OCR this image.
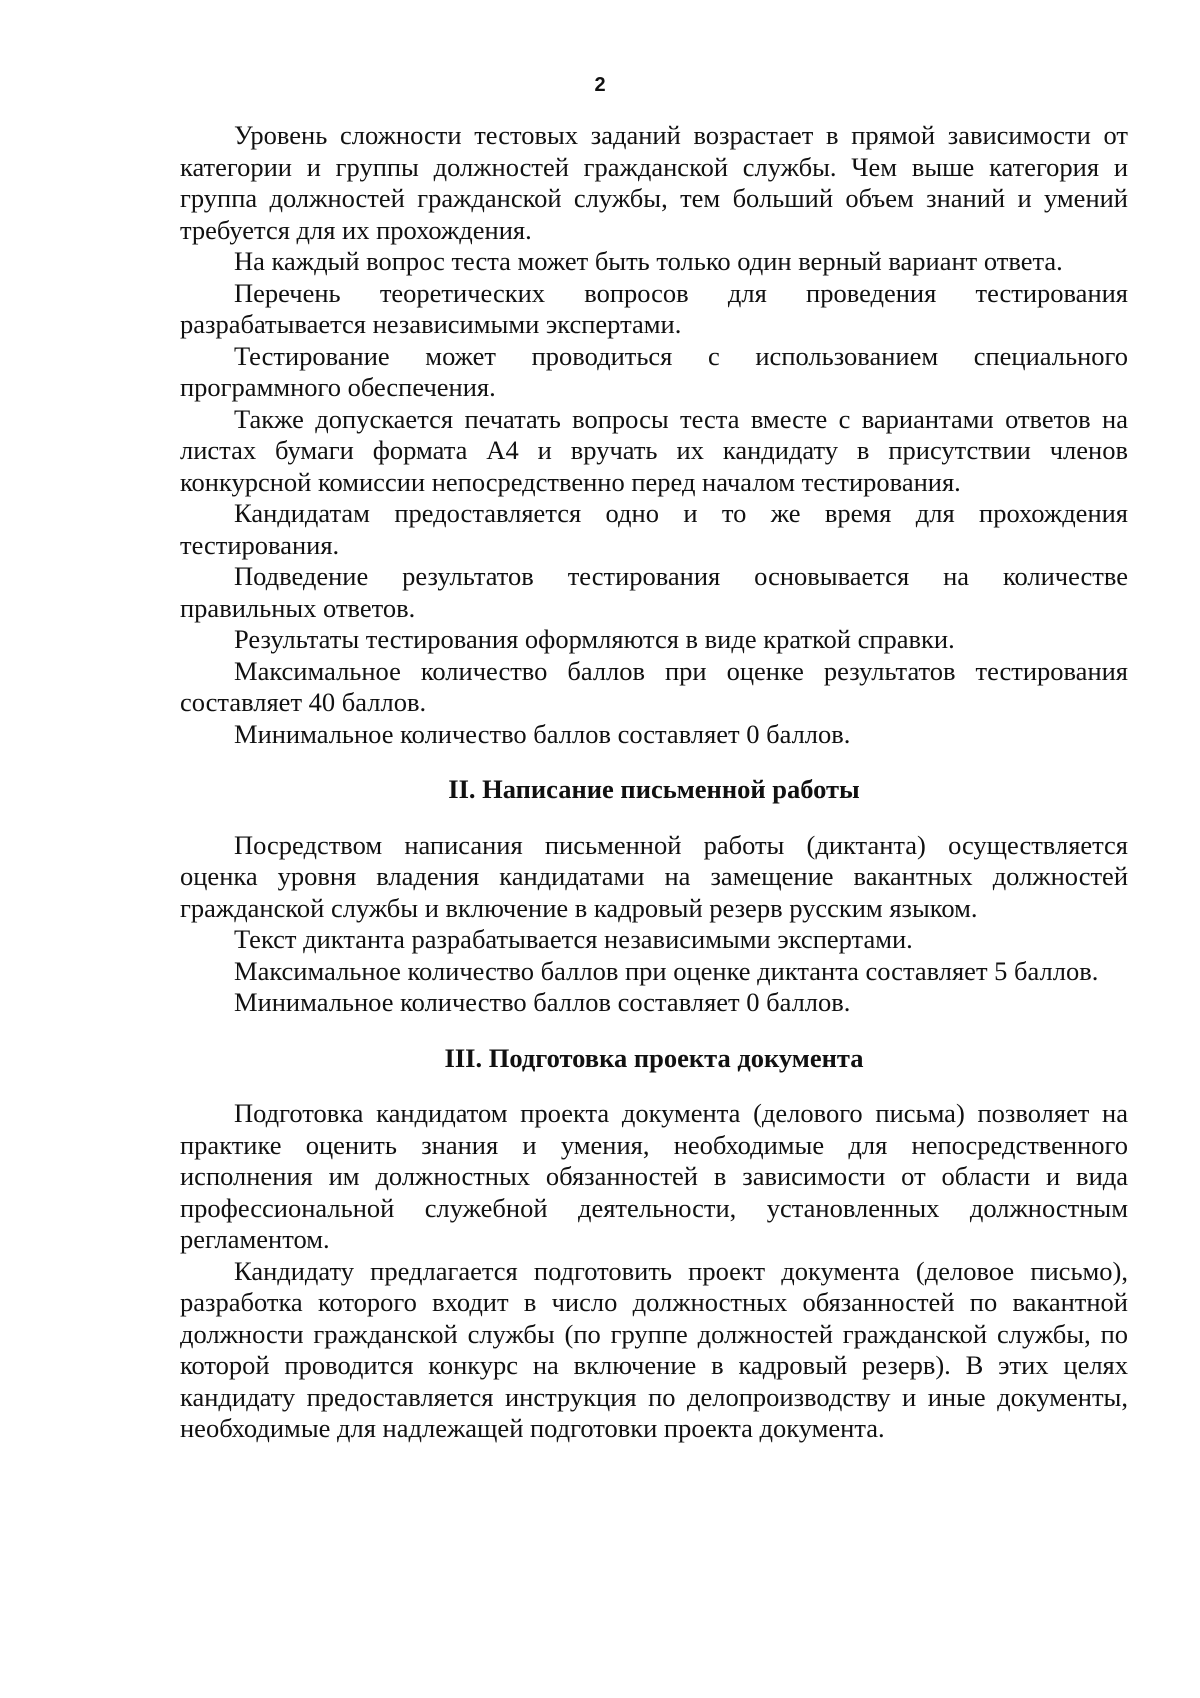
2

Уровень сложности тестовых заданий возрастает в прямой зависимости от категории и группы должностей гражданской службы. Чем выше категория и группа должностей гражданской службы, тем больший объем знаний и умений требуется для их прохождения.

На каждый вопрос теста может быть только один верный вариант ответа.

Перечень теоретических вопросов для проведения тестирования разрабатывается независимыми экспертами.

Тестирование может проводиться с использованием специального программного обеспечения.

Также допускается печатать вопросы теста вместе с вариантами ответов на листах бумаги формата А4 и вручать их кандидату в присутствии членов конкурсной комиссии непосредственно перед началом тестирования.

Кандидатам предоставляется одно и то же время для прохождения тестирования.

Подведение результатов тестирования основывается на количестве правильных ответов.

Результаты тестирования оформляются в виде краткой справки.

Максимальное количество баллов при оценке результатов тестирования составляет 40 баллов.

Минимальное количество баллов составляет 0 баллов.

II. Написание письменной работы

Посредством написания письменной работы (диктанта) осуществляется оценка уровня владения кандидатами на замещение вакантных должностей гражданской службы и включение в кадровый резерв русским языком.

Текст диктанта разрабатывается независимыми экспертами.

Максимальное количество баллов при оценке диктанта составляет 5 баллов.

Минимальное количество баллов составляет 0 баллов.

III. Подготовка проекта документа

Подготовка кандидатом проекта документа (делового письма) позволяет на практике оценить знания и умения, необходимые для непосредственного исполнения им должностных обязанностей в зависимости от области и вида профессиональной служебной деятельности, установленных должностным регламентом.

Кандидату предлагается подготовить проект документа (деловое письмо), разработка которого входит в число должностных обязанностей по вакантной должности гражданской службы (по группе должностей гражданской службы, по которой проводится конкурс на включение в кадровый резерв). В этих целях кандидату предоставляется инструкция по делопроизводству и иные документы, необходимые для надлежащей подготовки проекта документа.
